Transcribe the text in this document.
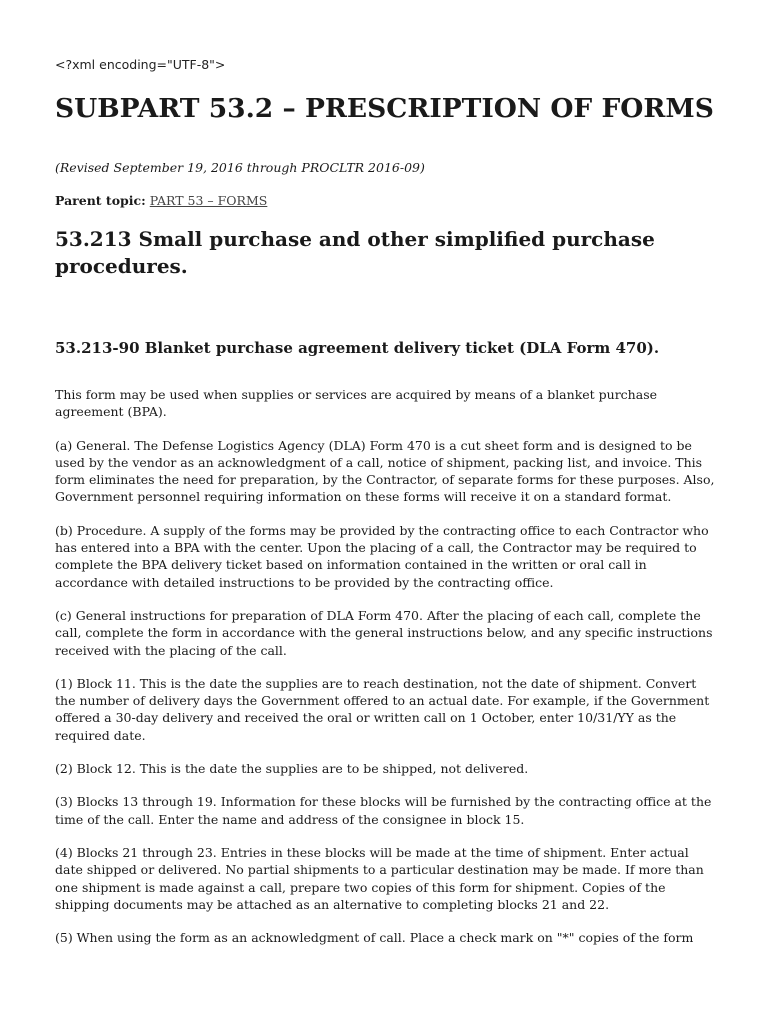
<?xml encoding="UTF-8">
SUBPART 53.2 – PRESCRIPTION OF FORMS
(Revised September 19, 2016 through PROCLTR 2016-09)
Parent topic: PART 53 – FORMS
53.213 Small purchase and other simplified purchase procedures.
53.213-90 Blanket purchase agreement delivery ticket (DLA Form 470).

This form may be used when supplies or services are acquired by means of a blanket purchase agreement (BPA).

(a) General. The Defense Logistics Agency (DLA) Form 470 is a cut sheet form and is designed to be used by the vendor as an acknowledgment of a call, notice of shipment, packing list, and invoice. This form eliminates the need for preparation, by the Contractor, of separate forms for these purposes. Also, Government personnel requiring information on these forms will receive it on a standard format.

(b) Procedure. A supply of the forms may be provided by the contracting office to each Contractor who has entered into a BPA with the center. Upon the placing of a call, the Contractor may be required to complete the BPA delivery ticket based on information contained in the written or oral call in accordance with detailed instructions to be provided by the contracting office.

(c) General instructions for preparation of DLA Form 470. After the placing of each call, complete the call, complete the form in accordance with the general instructions below, and any specific instructions received with the placing of the call.

(1) Block 11. This is the date the supplies are to reach destination, not the date of shipment. Convert the number of delivery days the Government offered to an actual date. For example, if the Government offered a 30-day delivery and received the oral or written call on 1 October, enter 10/31/YY as the required date.

(2) Block 12. This is the date the supplies are to be shipped, not delivered.

(3) Blocks 13 through 19. Information for these blocks will be furnished by the contracting office at the time of the call. Enter the name and address of the consignee in block 15.

(4) Blocks 21 through 23. Entries in these blocks will be made at the time of shipment. Enter actual date shipped or delivered. No partial shipments to a particular destination may be made. If more than one shipment is made against a call, prepare two copies of this form for shipment. Copies of the shipping documents may be attached as an alternative to completing blocks 21 and 22.

(5) When using the form as an acknowledgment of call. Place a check mark on "*" copies of the form
